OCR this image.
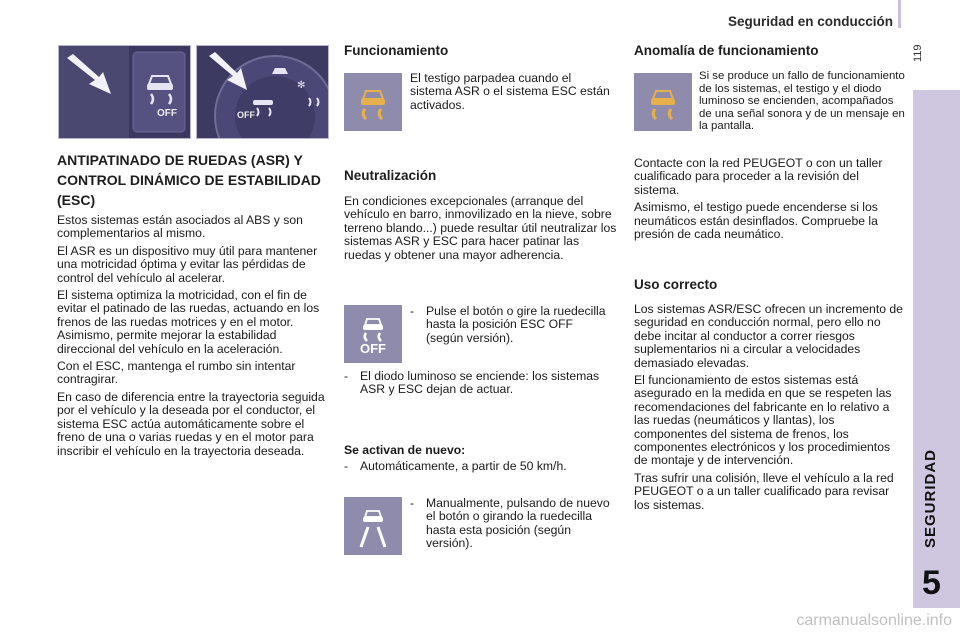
Seguridad en conducción
119
SEGURIDAD
5
OFF
✻
OFF
ANTIPATINADO DE RUEDAS (ASR) Y CONTROL DINÁMICO DE ESTABILIDAD (ESC)

Estos sistemas están asociados al ABS y son complementarios al mismo.

El ASR es un dispositivo muy útil para mantener una motricidad óptima y evitar las pérdidas de control del vehículo al acelerar.

El sistema optimiza la motricidad, con el fin de evitar el patinado de las ruedas, actuando en los frenos de las ruedas motrices y en el motor. Asimismo, permite mejorar la estabilidad direccional del vehículo en la aceleración.

Con el ESC, mantenga el rumbo sin intentar contragirar.

En caso de diferencia entre la trayectoria seguida por el vehículo y la deseada por el conductor, el sistema ESC actúa automáticamente sobre el freno de una o varias ruedas y en el motor para inscribir el vehículo en la trayectoria deseada.

Funcionamiento
El testigo parpadea cuando el sistema ASR o el sistema ESC están activados.
Neutralización
En condiciones excepcionales (arranque del vehículo en barro, inmovilizado en la nieve, sobre terreno blando...) puede resultar útil neutralizar los sistemas ASR y ESC para hacer patinar las ruedas y obtener una mayor adherencia.
OFF
- Pulse el botón o gire la ruedecilla hasta la posición ESC OFF (según versión).
- El diodo luminoso se enciende: los sistemas ASR y ESC dejan de actuar.
Se activan de nuevo:
- Automáticamente, a partir de 50 km/h.
- Manualmente, pulsando de nuevo el botón o girando la ruedecilla hasta esta posición (según versión).
Anomalía de funcionamiento
Si se produce un fallo de funcionamiento de los sistemas, el testigo y el diodo luminoso se encienden, acompañados de una señal sonora y de un mensaje en la pantalla.

Contacte con la red PEUGEOT o con un taller cualificado para proceder a la revisión del sistema.

Asimismo, el testigo puede encenderse si los neumáticos están desinflados. Compruebe la presión de cada neumático.

Uso correcto

Los sistemas ASR/ESC ofrecen un incremento de seguridad en conducción normal, pero ello no debe incitar al conductor a correr riesgos suplementarios ni a circular a velocidades demasiado elevadas.

El funcionamiento de estos sistemas está asegurado en la medida en que se respeten las recomendaciones del fabricante en lo relativo a las ruedas (neumáticos y llantas), los componentes del sistema de frenos, los componentes electrónicos y los procedimientos de montaje y de intervención.

Tras sufrir una colisión, lleve el vehículo a la red PEUGEOT o a un taller cualificado para revisar los sistemas.

carmanualsonline.info
